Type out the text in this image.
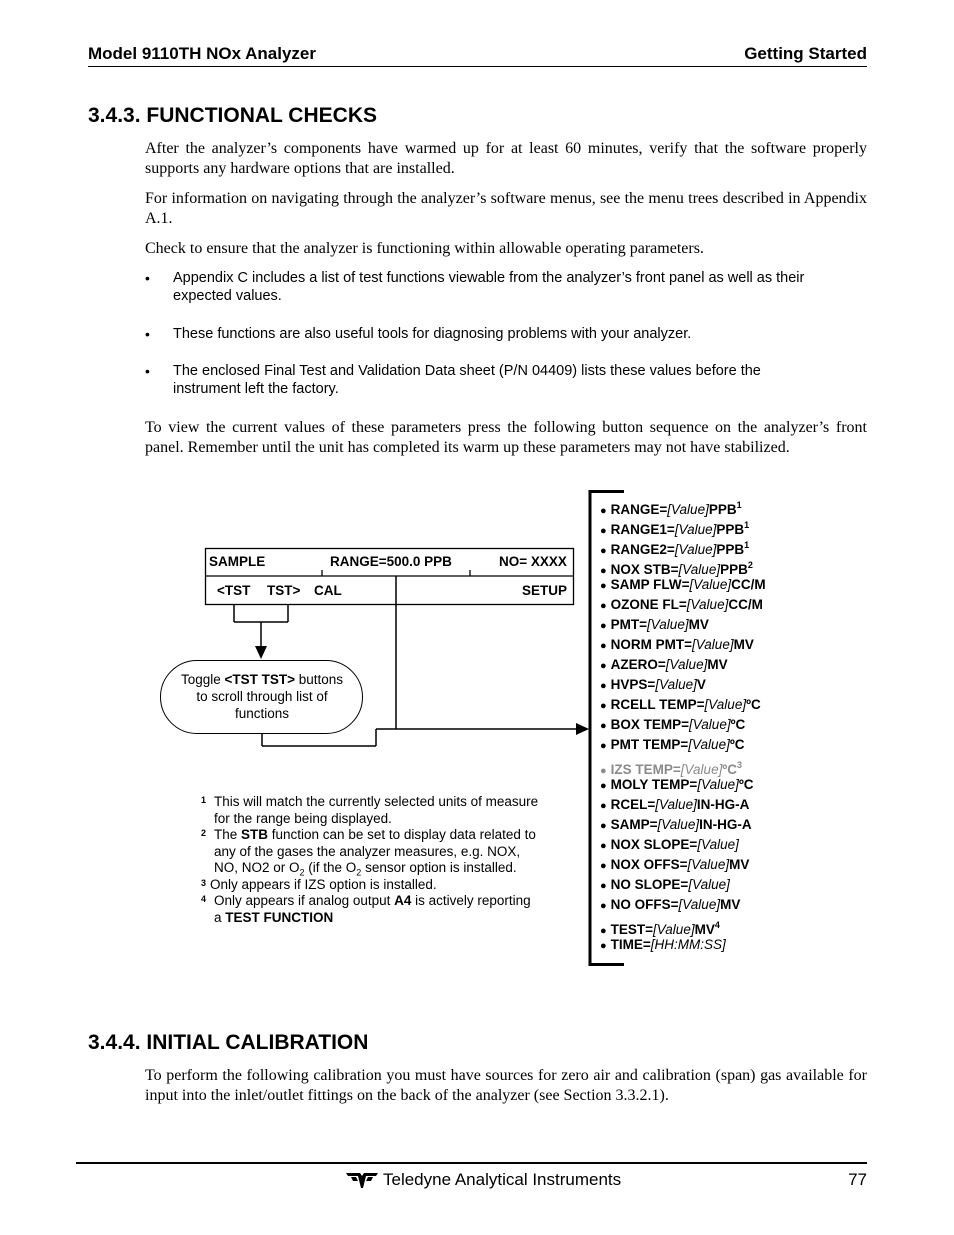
Model 9110TH NOx Analyzer	Getting Started
3.4.3. FUNCTIONAL CHECKS
After the analyzer’s components have warmed up for at least 60 minutes, verify that the software properly supports any hardware options that are installed.
For information on navigating through the analyzer’s software menus, see the menu trees described in Appendix A.1.
Check to ensure that the analyzer is functioning within allowable operating parameters.
• Appendix C includes a list of test functions viewable from the analyzer’s front panel as well as their expected values.
• These functions are also useful tools for diagnosing problems with your analyzer.
• The enclosed Final Test and Validation Data sheet (P/N 04409) lists these values before the instrument left the factory.
To view the current values of these parameters press the following button sequence on the analyzer’s front panel. Remember until the unit has completed its warm up these parameters may not have stabilized.
SAMPLE	RANGE=500.0 PPB	NO= XXXX
<TST TST> CAL	SETUP
Toggle <TST TST> buttons
to scroll through list of
functions
● $RANGE=[Value]PPB^1$
● $RANGE1=[Value]PPB^1$
● $RANGE2=[Value]PPB^1$
● NOX $STB=[Value]PPB^2$
● SAMP FLW=[Value]CC/M
● OZONE FL=[Value]CC/M
● PMT=[Value]MV
● NORM PMT=[Value]MV
● AZERO=[Value]MV
● HVPS=[Value]V
● RCELL TEMP=[Value]ºC
● BOX TEMP=[Value]ºC
● PMT TEMP=[Value]ºC
● IZS TEMP=[Value]ºC$^3$
● MOLY TEMP=[Value]ºC
● RCEL=[Value]IN-HG-A
● SAMP=[Value]IN-HG-A
● NOX SLOPE=[Value]
● NOX OFFS=[Value]MV
● NO SLOPE=[Value]
● NO OFFS=[Value]MV
● $TEST=[Value]MV^4$
● TIME=[HH:MM:SS]
1 This will match the currently selected units of measure
for the range being displayed.
2 The STB function can be set to display data related to
any of the gases the analyzer measures, e.g. NOX,
NO, NO2 or $O_2$ (if the $O_2$ sensor option is installed.
3 Only appears if IZS option is installed.
4 Only appears if analog output A4 is actively reporting
a TEST FUNCTION
3.4.4. INITIAL CALIBRATION
To perform the following calibration you must have sources for zero air and calibration (span) gas available for input into the inlet/outlet fittings on the back of the analyzer (see Section 3.3.2.1).
Teledyne Analytical Instruments	77
